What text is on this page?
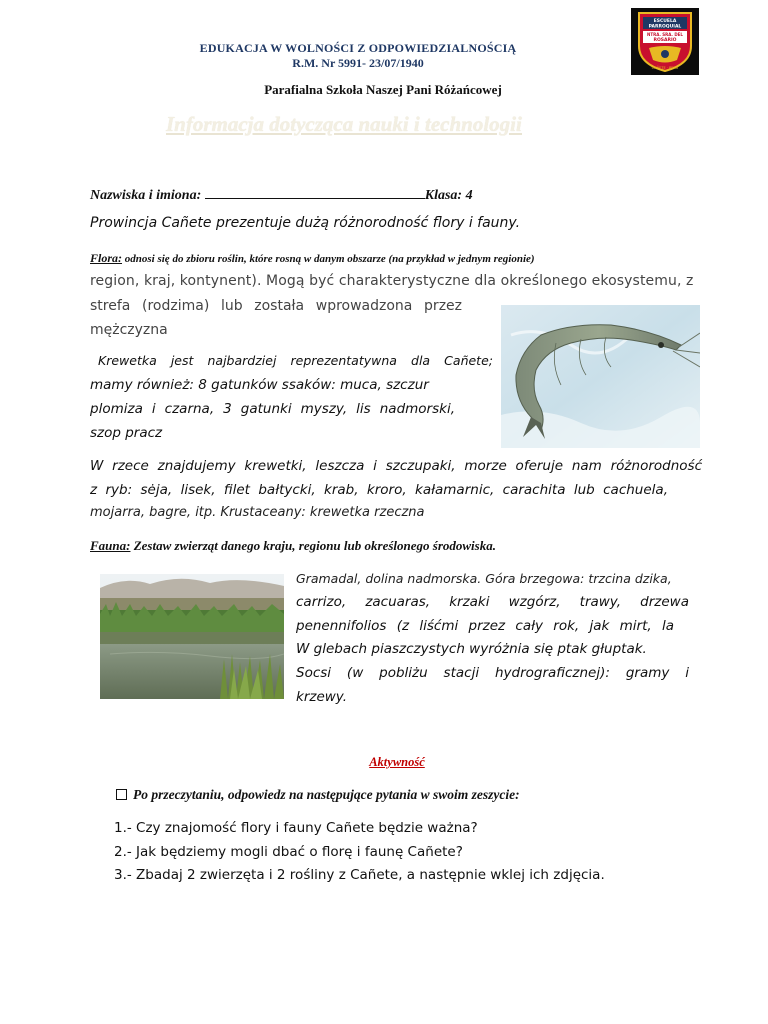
EDUKACJA W WOLNOŚCI Z ODPOWIEDZIALNOŚCIĄ
R.M. Nr 5991- 23/07/1940
Parafialna Szkoła Naszej Pani Różańcowej
ESCUELA
PARROQUIAL
NTRA. SRA. DEL
ROSARIO
CAÑETE · PERÚ
Informacja dotycząca nauki i technologii
Nazwiska i imiona:	Klasa: 4
Prowincja Cañete prezentuje dużą różnorodność flory i fauny.
Flora: odnosi się do zbioru roślin, które rosną w danym obszarze (na przykład w jednym regionie)
region, kraj, kontynent). Mogą być charakterystyczne dla określonego ekosystemu, z
strefa (rodzima) lub została wprowadzona przez
mężczyzna
Krewetka jest najbardziej reprezentatywna dla Cañete;
mamy również: 8 gatunków ssaków: muca, szczur
plomiza i czarna, 3 gatunki myszy, lis nadmorski,
szop pracz
W rzece znajdujemy krewetki, leszcza i szczupaki, morze oferuje nam różnorodność
z ryb: sėja, lisek, filet bałtycki, krab, kroro, kałamarnic, carachita lub cachuela,
mojarra, bagre, itp. Krustaceany: krewetka rzeczna
Fauna: Zestaw zwierząt danego kraju, regionu lub określonego środowiska.
Gramadal, dolina nadmorska. Góra brzegowa: trzcina dzika,
carrizo, zacuaras, krzaki wzgórz, trawy, drzewa
penennifolios (z liśćmi przez cały rok, jak mirt, la
W glebach piaszczystych wyróżnia się ptak głuptak.
Socsi (w pobliżu stacji hydrograficznej): gramy i
krzewy.
Aktywność
Po przeczytaniu, odpowiedz na następujące pytania w swoim zeszycie:
1.- Czy znajomość flory i fauny Cañete będzie ważna?
2.- Jak będziemy mogli dbać o florę i faunę Cañete?
3.- Zbadaj 2 zwierzęta i 2 rośliny z Cañete, a następnie wklej ich zdjęcia.
